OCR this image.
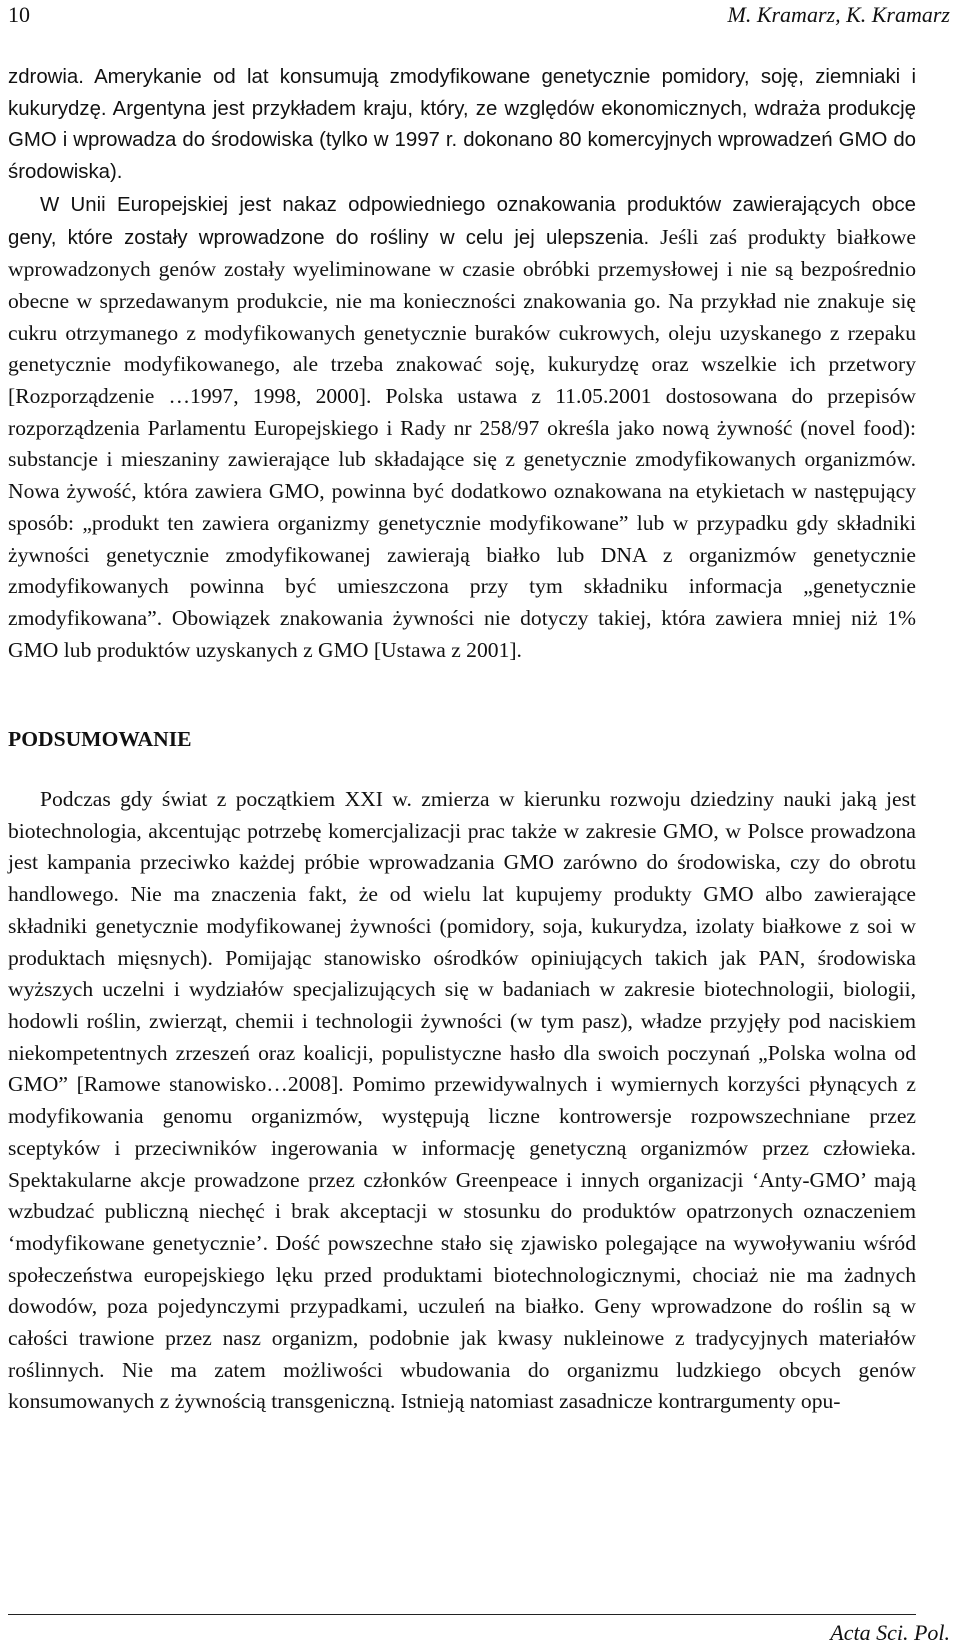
10	M. Kramarz, K. Kramarz

zdrowia. Amerykanie od lat konsumują zmodyfikowane genetycznie pomidory, soję, ziemniaki i kukurydzę. Argentyna jest przykładem kraju, który, ze względów ekonomicznych, wdraża produkcję GMO i wprowadza do środowiska (tylko w 1997 r. dokonano 80 komercyjnych wprowadzeń GMO do środowiska).

W Unii Europejskiej jest nakaz odpowiedniego oznakowania produktów zawierających obce geny, które zostały wprowadzone do rośliny w celu jej ulepszenia. Jeśli zaś produkty białkowe wprowadzonych genów zostały wyeliminowane w czasie obróbki przemysłowej i nie są bezpośrednio obecne w sprzedawanym produkcie, nie ma konieczności znakowania go. Na przykład nie znakuje się cukru otrzymanego z modyfikowanych genetycznie buraków cukrowych, oleju uzyskanego z rzepaku genetycznie modyfikowanego, ale trzeba znakować soję, kukurydzę oraz wszelkie ich przetwory [Rozporządzenie …1997, 1998, 2000]. Polska ustawa z 11.05.2001 dostosowana do przepisów rozporządzenia Parlamentu Europejskiego i Rady nr 258/97 określa jako nową żywność (novel food): substancje i mieszaniny zawierające lub składające się z genetycznie zmodyfikowanych organizmów. Nowa żywość, która zawiera GMO, powinna być dodatkowo oznakowana na etykietach w następujący sposób: „produkt ten zawiera organizmy genetycznie modyfikowane” lub w przypadku gdy składniki żywności genetycznie zmodyfikowanej zawierają białko lub DNA z organizmów genetycznie zmodyfikowanych powinna być umieszczona przy tym składniku informacja „genetycznie zmodyfikowana”. Obowiązek znakowania żywności nie dotyczy takiej, która zawiera mniej niż 1% GMO lub produktów uzyskanych z GMO [Ustawa z 2001].

PODSUMOWANIE

Podczas gdy świat z początkiem XXI w. zmierza w kierunku rozwoju dziedziny nauki jaką jest biotechnologia, akcentując potrzebę komercjalizacji prac także w zakresie GMO, w Polsce prowadzona jest kampania przeciwko każdej próbie wprowadzania GMO zarówno do środowiska, czy do obrotu handlowego. Nie ma znaczenia fakt, że od wielu lat kupujemy produkty GMO albo zawierające składniki genetycznie modyfikowanej żywności (pomidory, soja, kukurydza, izolaty białkowe z soi w produktach mięsnych). Pomijając stanowisko ośrodków opiniujących takich jak PAN, środowiska wyższych uczelni i wydziałów specjalizujących się w badaniach w zakresie biotechnologii, biologii, hodowli roślin, zwierząt, chemii i technologii żywności (w tym pasz), władze przyjęły pod naciskiem niekompetentnych zrzeszeń oraz koalicji, populistyczne hasło dla swoich poczynań „Polska wolna od GMO” [Ramowe stanowisko…2008]. Pomimo przewidywalnych i wymiernych korzyści płynących z modyfikowania genomu organizmów, występują liczne kontrowersje rozpowszechniane przez sceptyków i przeciwników ingerowania w informację genetyczną organizmów przez człowieka. Spektakularne akcje prowadzone przez członków Greenpeace i innych organizacji ‘Anty-GMO’ mają wzbudzać publiczną niechęć i brak akceptacji w stosunku do produktów opatrzonych oznaczeniem ‘modyfikowane genetycznie’. Dość powszechne stało się zjawisko polegające na wywoływaniu wśród społeczeństwa europejskiego lęku przed produktami biotechnologicznymi, chociaż nie ma żadnych dowodów, poza pojedynczymi przypadkami, uczuleń na białko. Geny wprowadzone do roślin są w całości trawione przez nasz organizm, podobnie jak kwasy nukleinowe z tradycyjnych materiałów roślinnych. Nie ma zatem możliwości wbudowania do organizmu ludzkiego obcych genów konsumowanych z żywnością transgeniczną. Istnieją natomiast zasadnicze kontrargumenty opu-

Acta Sci. Pol.
